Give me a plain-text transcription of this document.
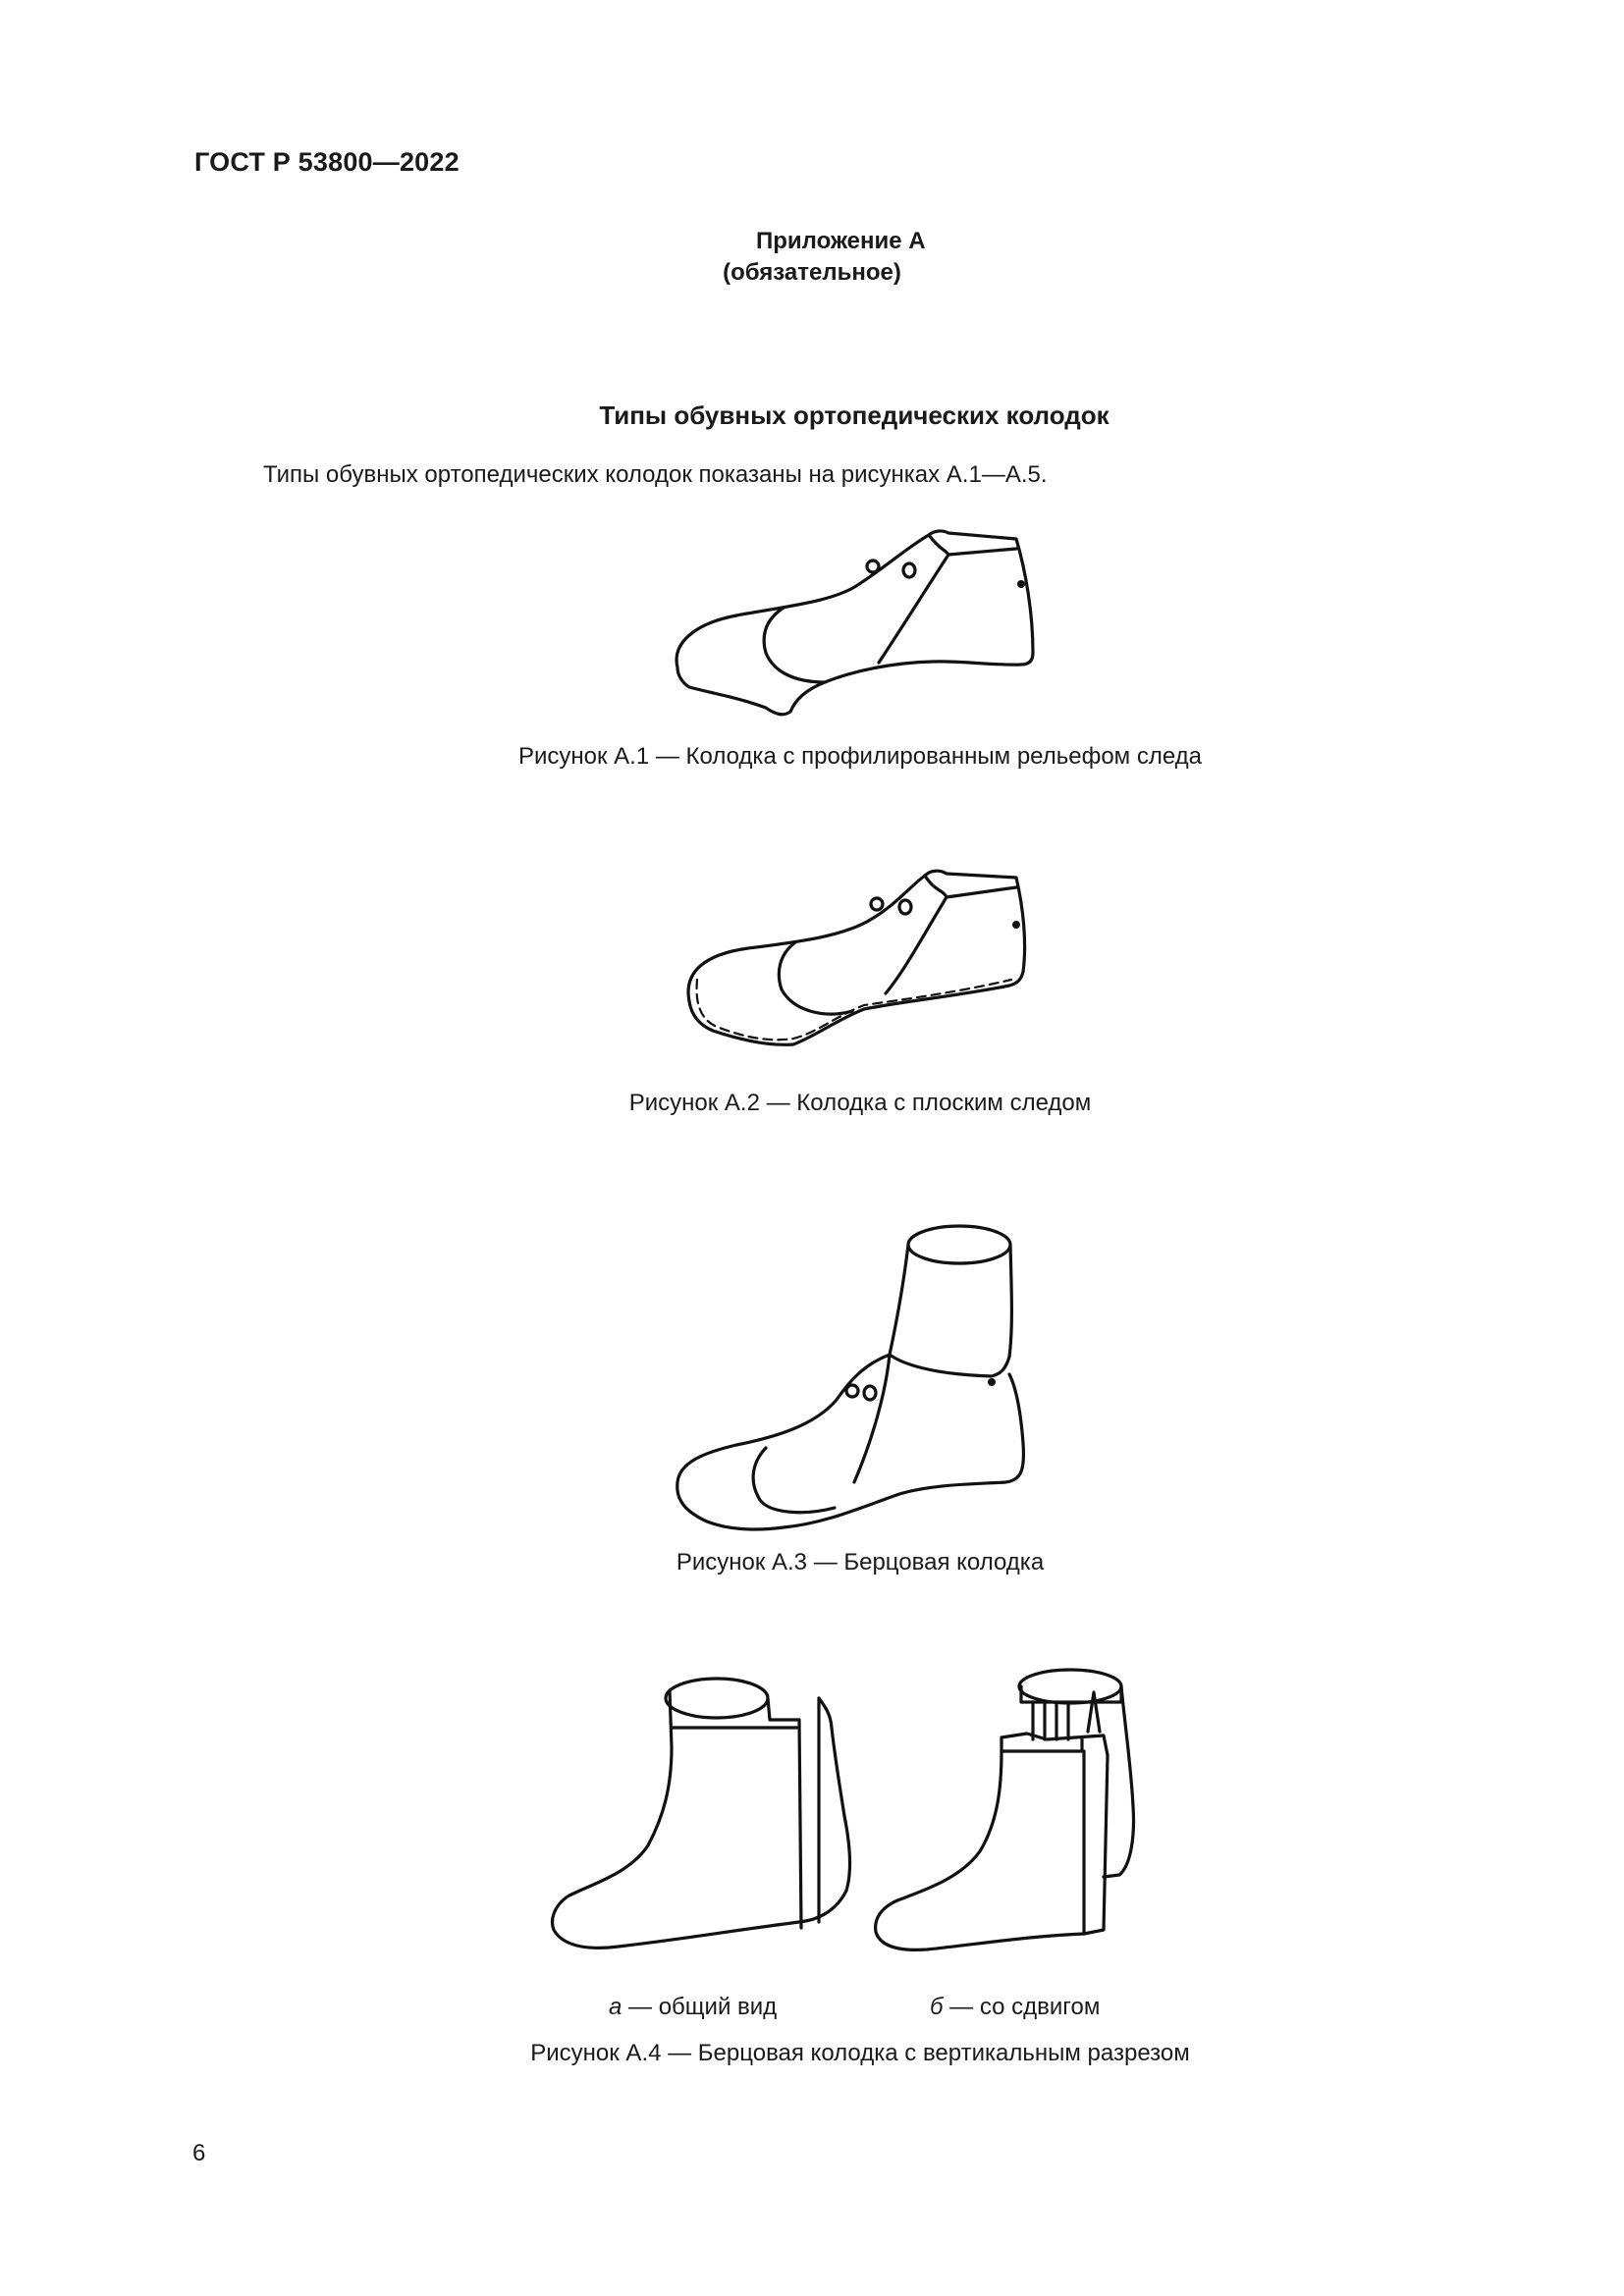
ГОСТ Р 53800—2022
Приложение А
(обязательное)
Типы обувных ортопедических колодок
Типы обувных ортопедических колодок показаны на рисунках А.1—А.5.
Рисунок А.1 — Колодка с профилированным рельефом следа
Рисунок А.2 — Колодка с плоским следом
Рисунок А.3 — Берцовая колодка
а — общий вид	б — со сдвигом
Рисунок А.4 — Берцовая колодка с вертикальным разрезом
6
